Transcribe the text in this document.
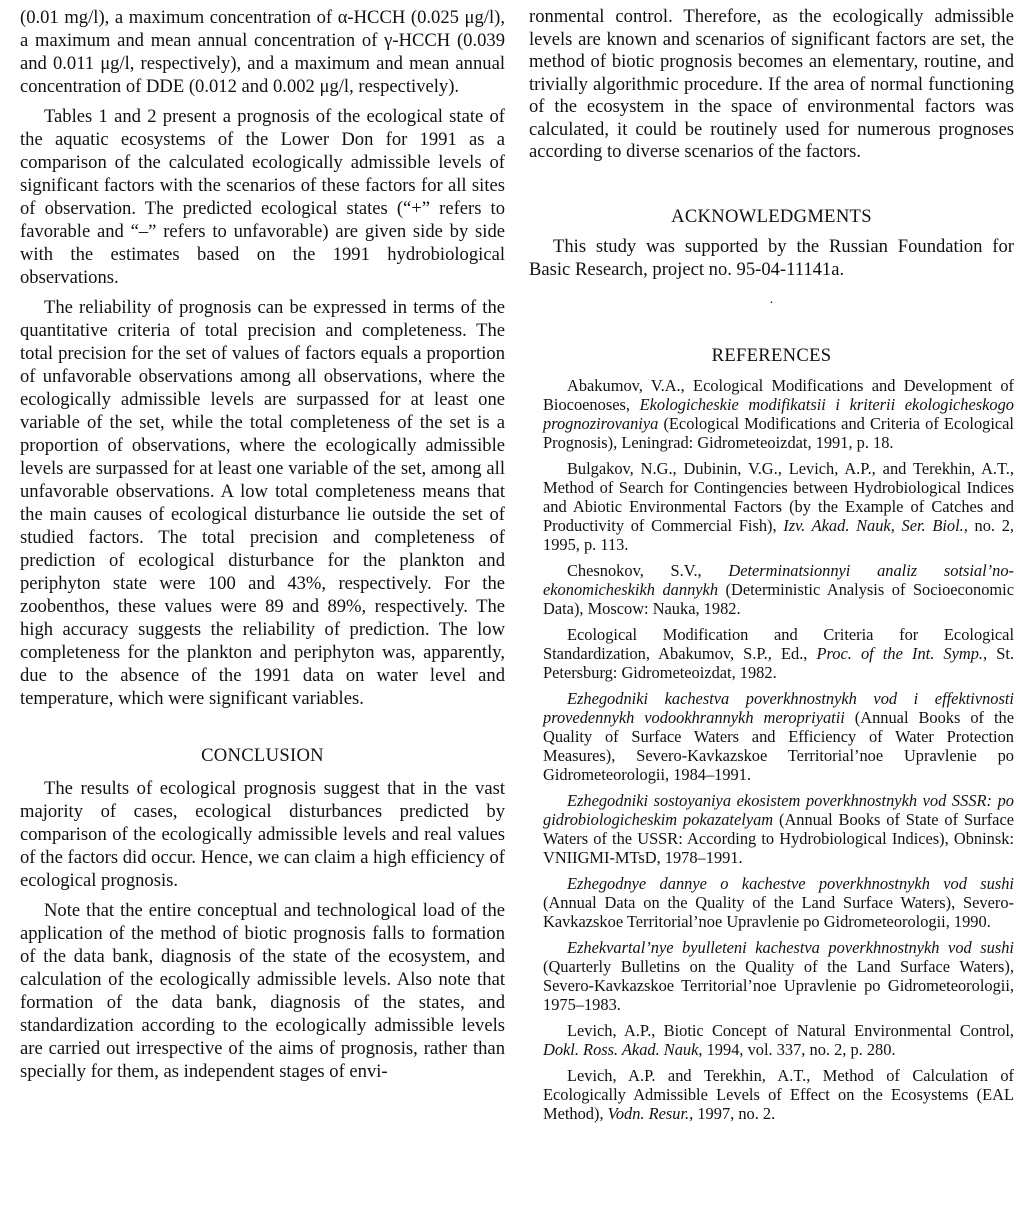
(0.01 mg/l), a maximum concentration of α-HCCH (0.025 μg/l), a maximum and mean annual concentration of γ-HCCH (0.039 and 0.011 μg/l, respectively), and a maximum and mean annual concentration of DDE (0.012 and 0.002 μg/l, respectively).

Tables 1 and 2 present a prognosis of the ecological state of the aquatic ecosystems of the Lower Don for 1991 as a comparison of the calculated ecologically admissible levels of significant factors with the scenarios of these factors for all sites of observation. The predicted ecological states (“+” refers to favorable and “–” refers to unfavorable) are given side by side with the estimates based on the 1991 hydrobiological observations.

The reliability of prognosis can be expressed in terms of the quantitative criteria of total precision and completeness. The total precision for the set of values of factors equals a proportion of unfavorable observations among all observations, where the ecologically admissible levels are surpassed for at least one variable of the set, while the total completeness of the set is a proportion of observations, where the ecologically admissible levels are surpassed for at least one variable of the set, among all unfavorable observations. A low total completeness means that the main causes of ecological disturbance lie outside the set of studied factors. The total precision and completeness of prediction of ecological disturbance for the plankton and periphyton state were 100 and 43%, respectively. For the zoobenthos, these values were 89 and 89%, respectively. The high accuracy suggests the reliability of prediction. The low completeness for the plankton and periphyton was, apparently, due to the absence of the 1991 data on water level and temperature, which were significant variables.

CONCLUSION

The results of ecological prognosis suggest that in the vast majority of cases, ecological disturbances predicted by comparison of the ecologically admissible levels and real values of the factors did occur. Hence, we can claim a high efficiency of ecological prognosis.

Note that the entire conceptual and technological load of the application of the method of biotic prognosis falls to formation of the data bank, diagnosis of the state of the ecosystem, and calculation of the ecologically admissible levels. Also note that formation of the data bank, diagnosis of the states, and standardization according to the ecologically admissible levels are carried out irrespective of the aims of prognosis, rather than specially for them, as independent stages of envi-

ronmental control. Therefore, as the ecologically admissible levels are known and scenarios of significant factors are set, the method of biotic prognosis becomes an elementary, routine, and trivially algorithmic procedure. If the area of normal functioning of the ecosystem in the space of environmental factors was calculated, it could be routinely used for numerous prognoses according to diverse scenarios of the factors.

ACKNOWLEDGMENTS

This study was supported by the Russian Foundation for Basic Research, project no. 95-04-11141a.

·
REFERENCES

Abakumov, V.A., Ecological Modifications and Development of Biocoenoses, Ekologicheskie modifikatsii i kriterii ekologicheskogo prognozirovaniya (Ecological Modifications and Criteria of Ecological Prognosis), Leningrad: Gidrometeoizdat, 1991, p. 18.

Bulgakov, N.G., Dubinin, V.G., Levich, A.P., and Terekhin, A.T., Method of Search for Contingencies between Hydrobiological Indices and Abiotic Environmental Factors (by the Example of Catches and Productivity of Commercial Fish), Izv. Akad. Nauk, Ser. Biol., no. 2, 1995, p. 113.

Chesnokov, S.V., Determinatsionnyi analiz sotsial’no-ekonomicheskikh dannykh (Deterministic Analysis of Socioeconomic Data), Moscow: Nauka, 1982.

Ecological Modification and Criteria for Ecological Standardization, Abakumov, S.P., Ed., Proc. of the Int. Symp., St. Petersburg: Gidrometeoizdat, 1982.

Ezhegodniki kachestva poverkhnostnykh vod i effektivnosti provedennykh vodookhrannykh meropriyatii (Annual Books of the Quality of Surface Waters and Efficiency of Water Protection Measures), Severo-Kavkazskoe Territorial’noe Upravlenie po Gidrometeorologii, 1984–1991.

Ezhegodniki sostoyaniya ekosistem poverkhnostnykh vod SSSR: po gidrobiologicheskim pokazatelyam (Annual Books of State of Surface Waters of the USSR: According to Hydrobiological Indices), Obninsk: VNIIGMI-MTsD, 1978–1991.

Ezhegodnye dannye o kachestve poverkhnostnykh vod sushi (Annual Data on the Quality of the Land Surface Waters), Severo-Kavkazskoe Territorial’noe Upravlenie po Gidrometeorologii, 1990.

Ezhekvartal’nye byulleteni kachestva poverkhnostnykh vod sushi (Quarterly Bulletins on the Quality of the Land Surface Waters), Severo-Kavkazskoe Territorial’noe Upravlenie po Gidrometeorologii, 1975–1983.

Levich, A.P., Biotic Concept of Natural Environmental Control, Dokl. Ross. Akad. Nauk, 1994, vol. 337, no. 2, p. 280.

Levich, A.P. and Terekhin, A.T., Method of Calculation of Ecologically Admissible Levels of Effect on the Ecosystems (EAL Method), Vodn. Resur., 1997, no. 2.
